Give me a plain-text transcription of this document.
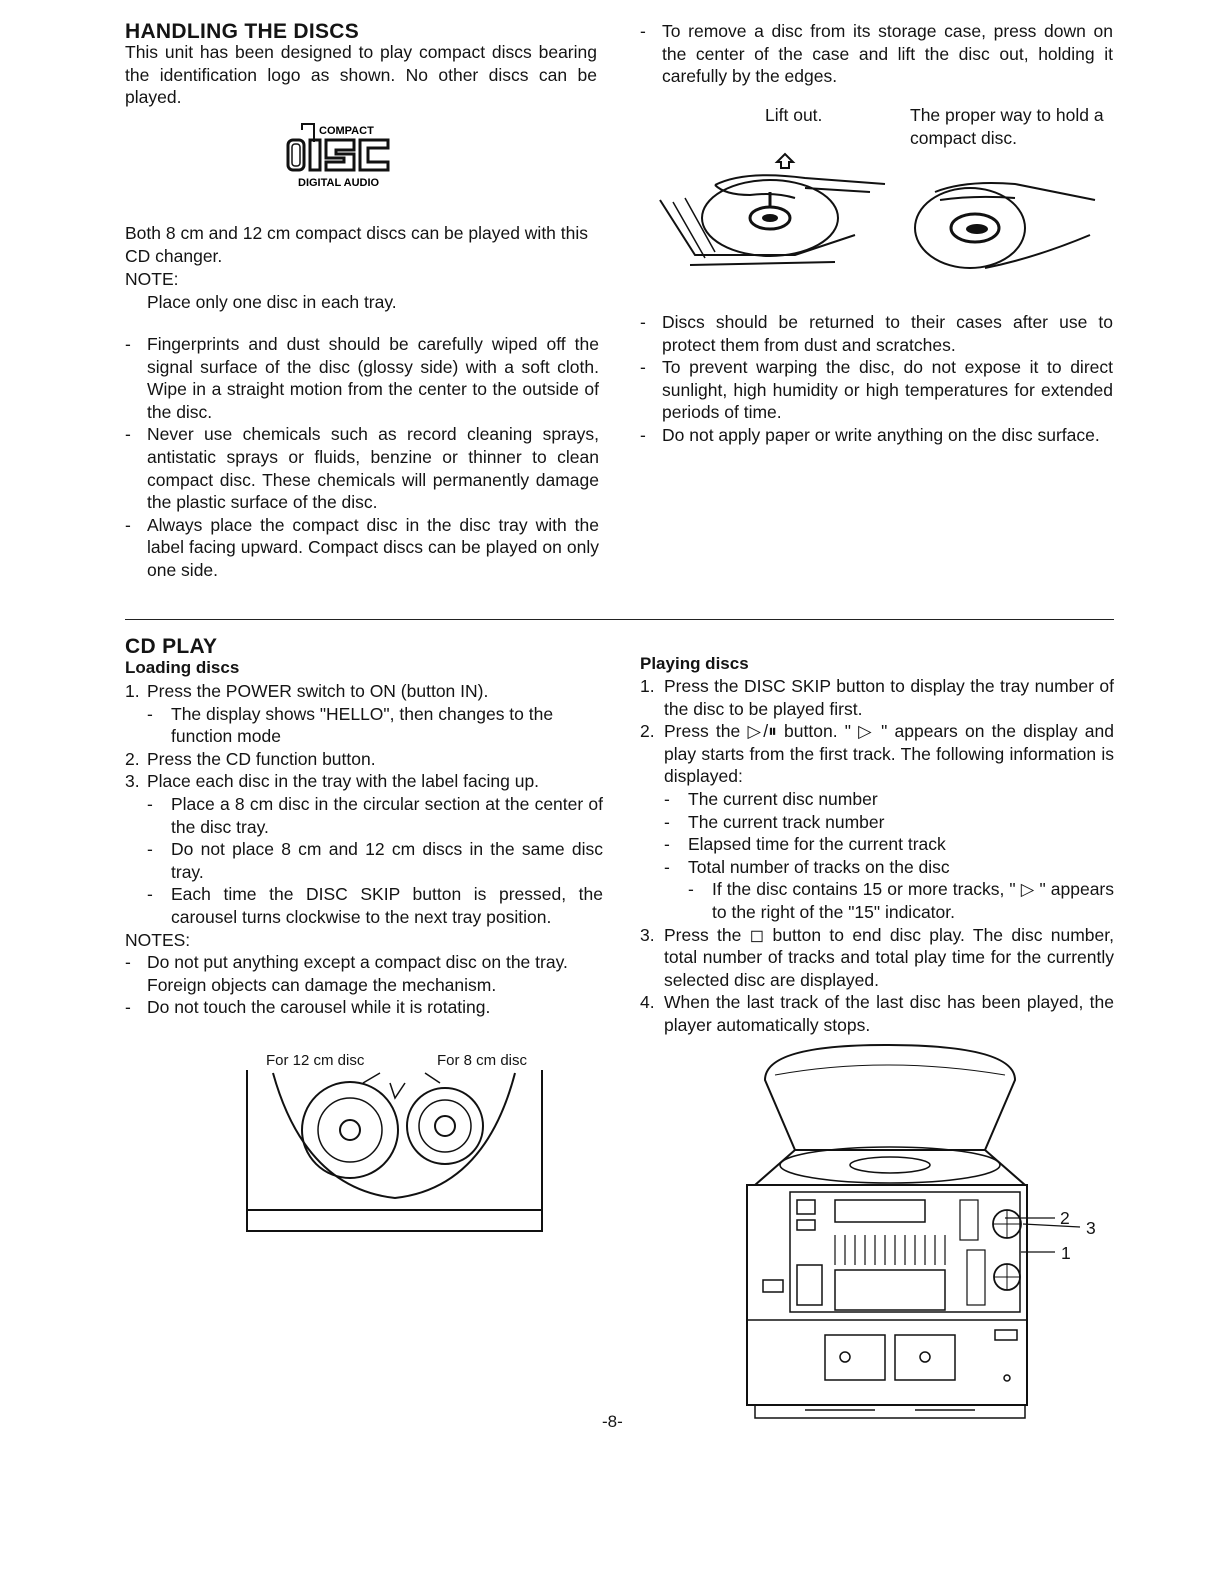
HANDLING THE DISCS

This unit has been designed to play compact discs bearing the identification logo as shown. No other discs can be played.

COMPACT
DIGITAL AUDIO

Both 8 cm and 12 cm compact discs can be played with this CD changer.

NOTE:
Place only one disc in each tray.
- Fingerprints and dust should be carefully wiped off the signal surface of the disc (glossy side) with a soft cloth. Wipe in a straight motion from the center to the outside of the disc.
- Never use chemicals such as record cleaning sprays, antistatic sprays or fluids, benzine or thinner to clean compact disc. These chemicals will permanently damage the plastic surface of the disc.
- Always place the compact disc in the disc tray with the label facing upward. Compact discs can be played on only one side.
- To remove a disc from its storage case, press down on the center of the case and lift the disc out, holding it carefully by the edges.
Lift out.	The proper way to hold a compact disc.
- Discs should be returned to their cases after use to protect them from dust and scratches.
- To prevent warping the disc, do not expose it to direct sunlight, high humidity or high temperatures for extended periods of time.
- Do not apply paper or write anything on the disc surface.
CD PLAY
Loading discs
1. Press the POWER switch to ON (button IN).
- The display shows "HELLO", then changes to the function mode
2. Press the CD function button.
3. Place each disc in the tray with the label facing up.
- Place a 8 cm disc in the circular section at the center of the disc tray.
- Do not place 8 cm and 12 cm discs in the same disc tray.
- Each time the DISC SKIP button is pressed, the carousel turns clockwise to the next tray position.
NOTES:
- Do not put anything except a compact disc on the tray. Foreign objects can damage the mechanism.
- Do not touch the carousel while it is rotating.
For 12 cm disc	For 8 cm disc
Playing discs
1. Press the DISC SKIP button to display the tray number of the disc to be played first.
2. Press the ▷/⏸ button. " ▷ " appears on the display and play starts from the first track. The following information is displayed:
- The current disc number
- The current track number
- Elapsed time for the current track
- Total number of tracks on the disc
- If the disc contains 15 or more tracks, " ▷ " appears to the right of the "15" indicator.
3. Press the ◻ button to end disc play. The disc number, total number of tracks and total play time for the currently selected disc are displayed.
4. When the last track of the last disc has been played, the player automatically stops.
2 3
1
-8-
